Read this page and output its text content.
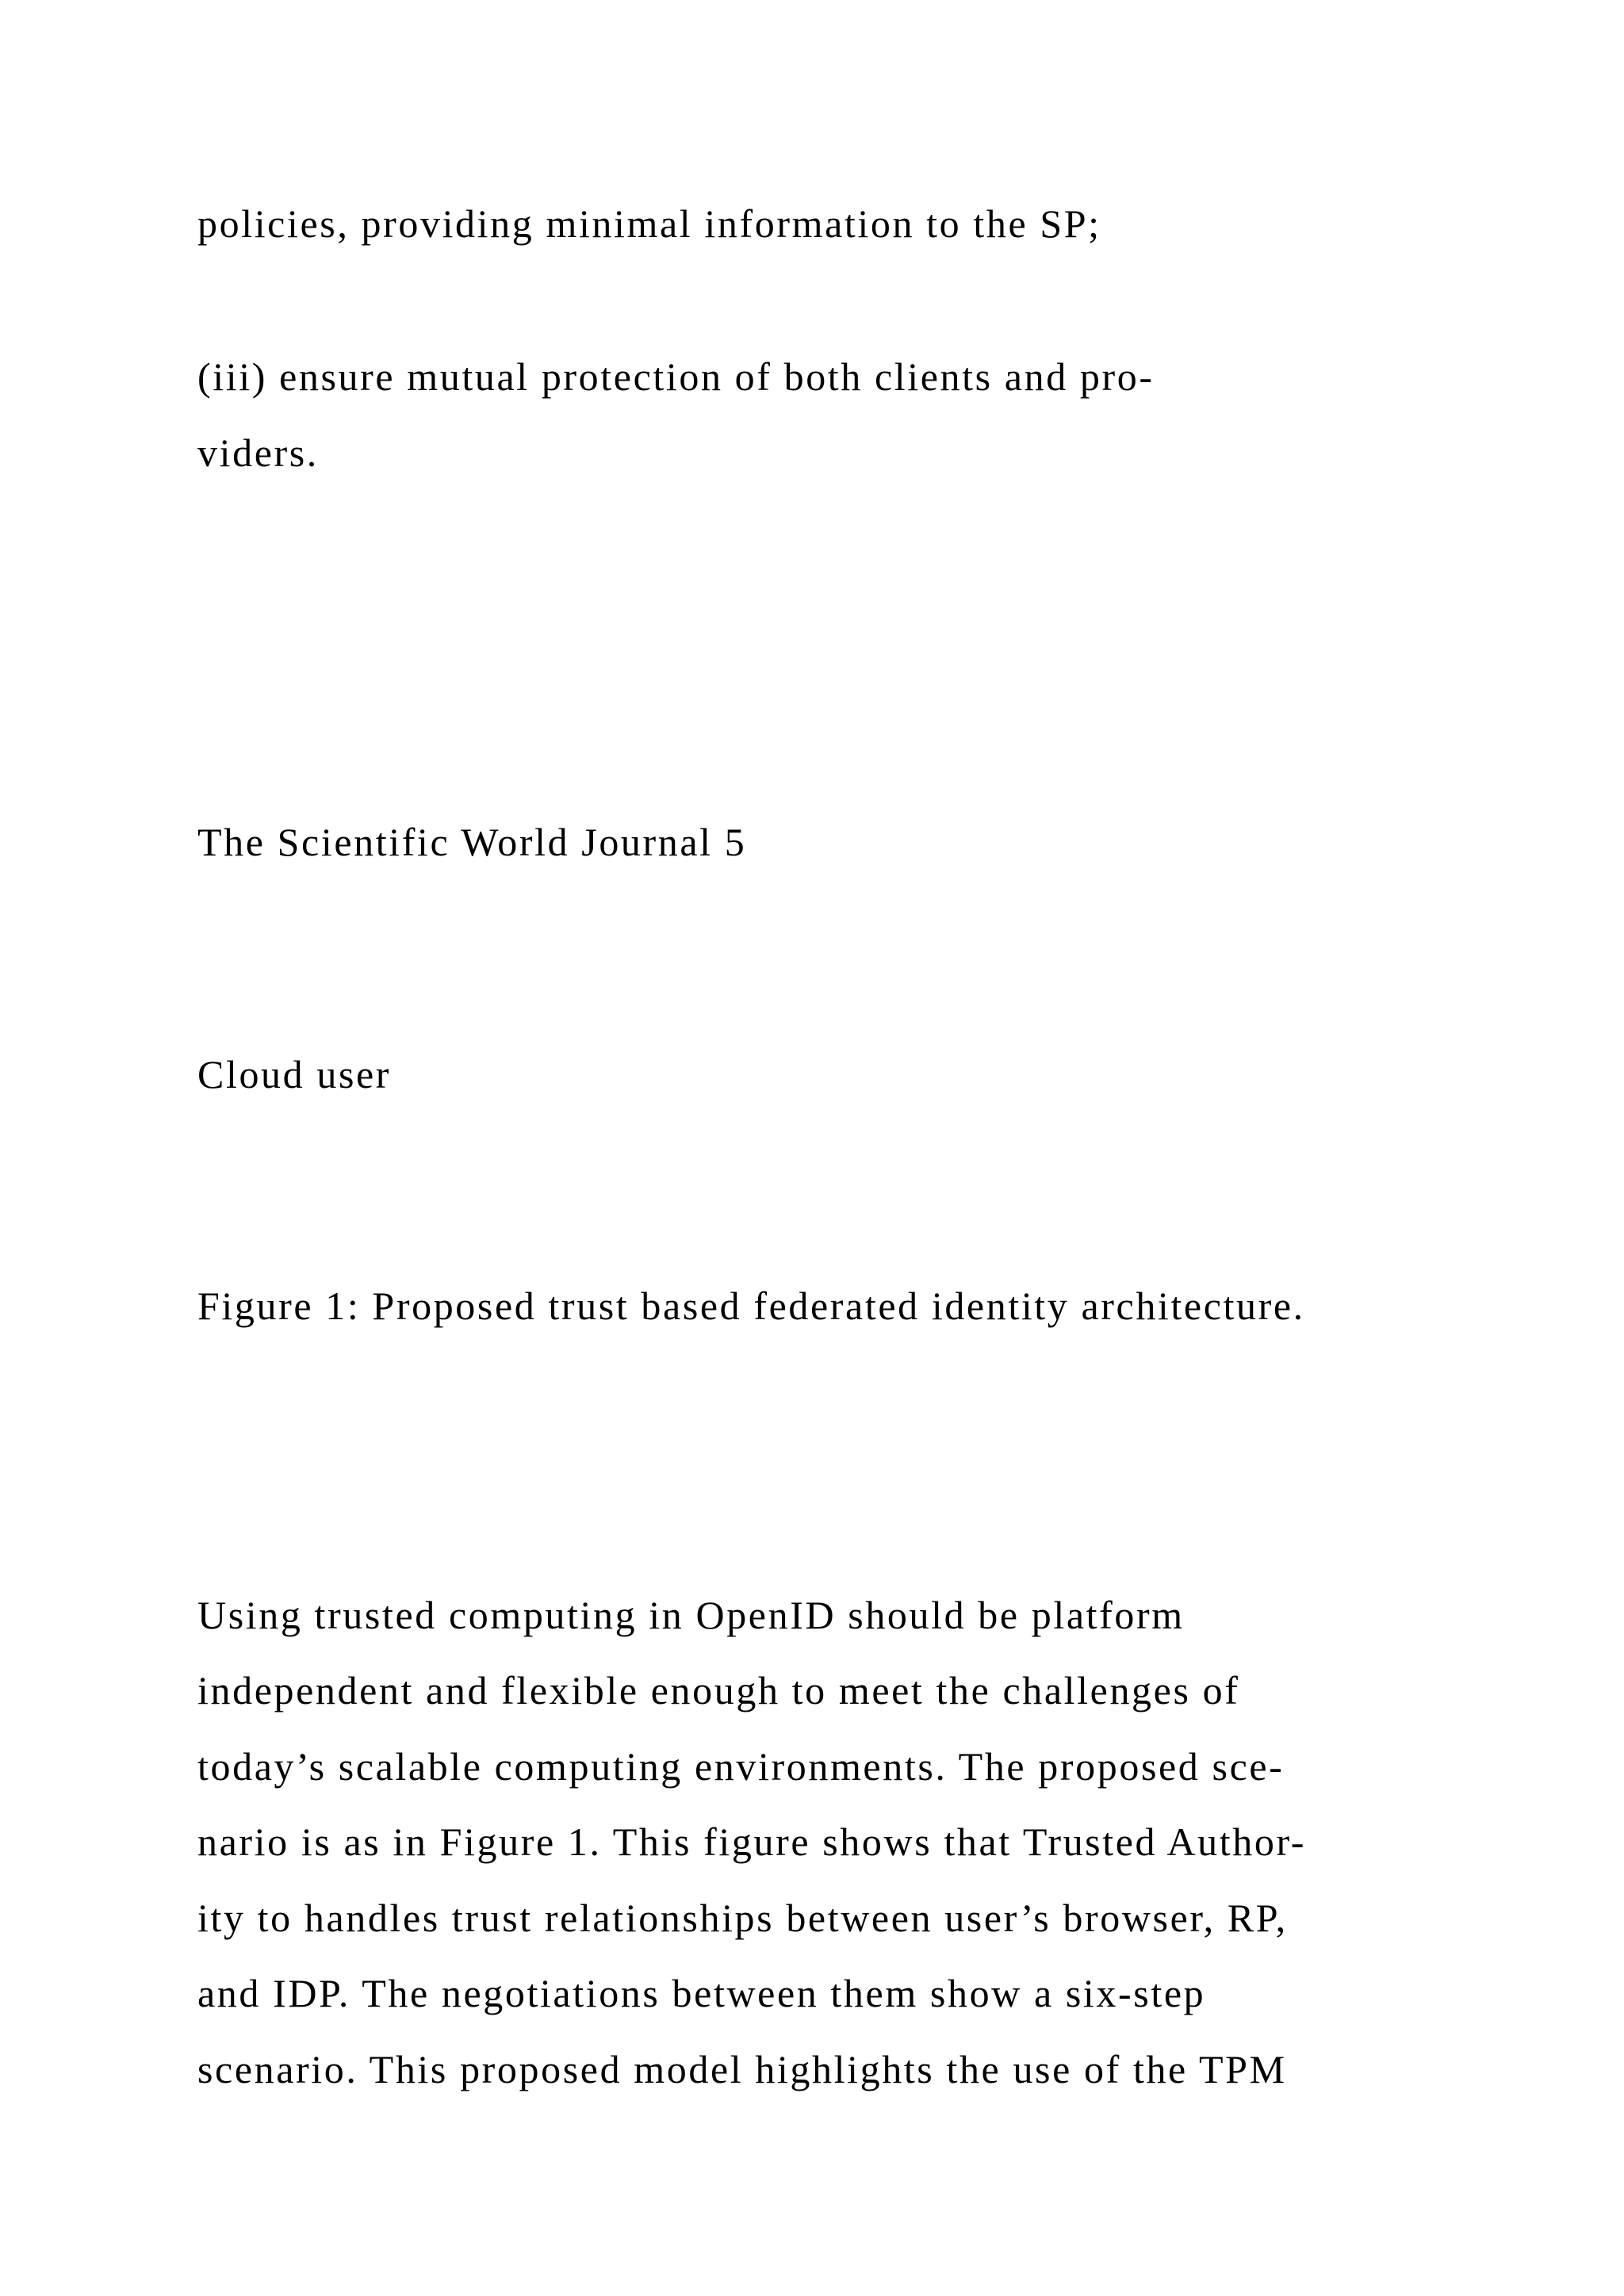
policies, providing minimal information to the SP;

(iii) ensure mutual protection of both clients and pro-

viders.

The Scientific World Journal 5

Cloud user

Figure 1: Proposed trust based federated identity architecture.

Using trusted computing in OpenID should be platform

independent and flexible enough to meet the challenges of

today’s scalable computing environments. The proposed sce-

nario is as in Figure 1. This figure shows that Trusted Author-

ity to handles trust relationships between user’s browser, RP,

and IDP. The negotiations between them show a six-step

scenario. This proposed model highlights the use of the TPM
